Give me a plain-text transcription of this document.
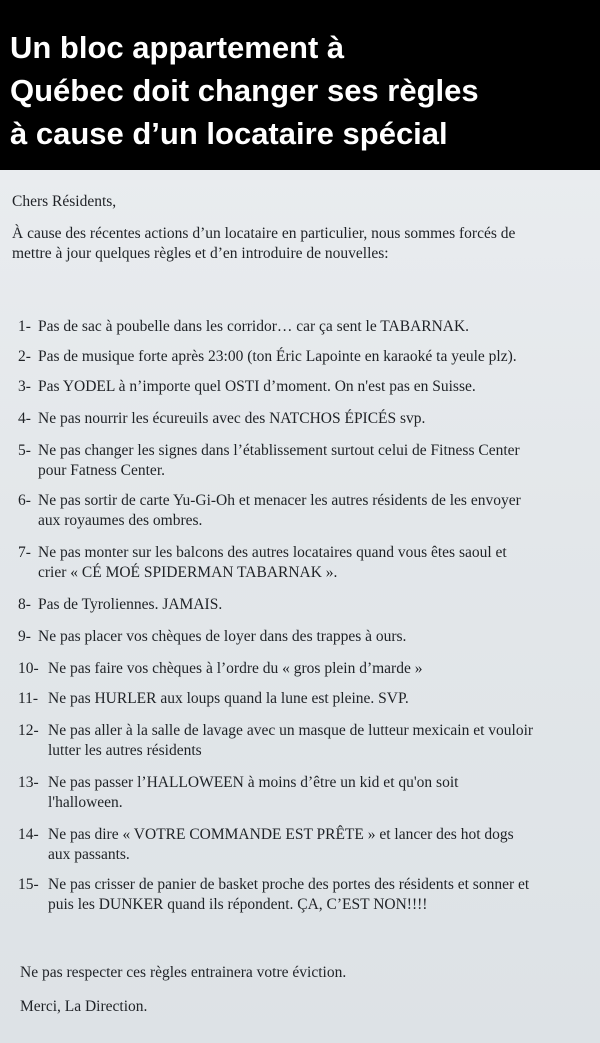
Un bloc appartement à
Québec doit changer ses règles
à cause d’un locataire spécial
Chers Résidents,
À cause des récentes actions d’un locataire en particulier, nous sommes forcés de
mettre à jour quelques règles et d’en introduire de nouvelles:
1- Pas de sac à poubelle dans les corridor… car ça sent le TABARNAK.
2- Pas de musique forte après 23:00 (ton Éric Lapointe en karaoké ta yeule plz).
3- Pas YODEL à n’importe quel OSTI d’moment. On n'est pas en Suisse.
4- Ne pas nourrir les écureuils avec des NATCHOS ÉPICÉS svp.
5- Ne pas changer les signes dans l’établissement surtout celui de Fitness Center
pour Fatness Center.
6- Ne pas sortir de carte Yu-Gi-Oh et menacer les autres résidents de les envoyer
aux royaumes des ombres.
7- Ne pas monter sur les balcons des autres locataires quand vous êtes saoul et
crier « CÉ MOÉ SPIDERMAN TABARNAK ».
8- Pas de Tyroliennes. JAMAIS.
9- Ne pas placer vos chèques de loyer dans des trappes à ours.
10- Ne pas faire vos chèques à l’ordre du « gros plein d’marde »
11- Ne pas HURLER aux loups quand la lune est pleine. SVP.
12- Ne pas aller à la salle de lavage avec un masque de lutteur mexicain et vouloir
lutter les autres résidents
13- Ne pas passer l’HALLOWEEN à moins d’être un kid et qu'on soit
l'halloween.
14- Ne pas dire « VOTRE COMMANDE EST PRÊTE » et lancer des hot dogs
aux passants.
15- Ne pas crisser de panier de basket proche des portes des résidents et sonner et
puis les DUNKER quand ils répondent. ÇA, C’EST NON!!!!
Ne pas respecter ces règles entrainera votre éviction.
Merci, La Direction.
